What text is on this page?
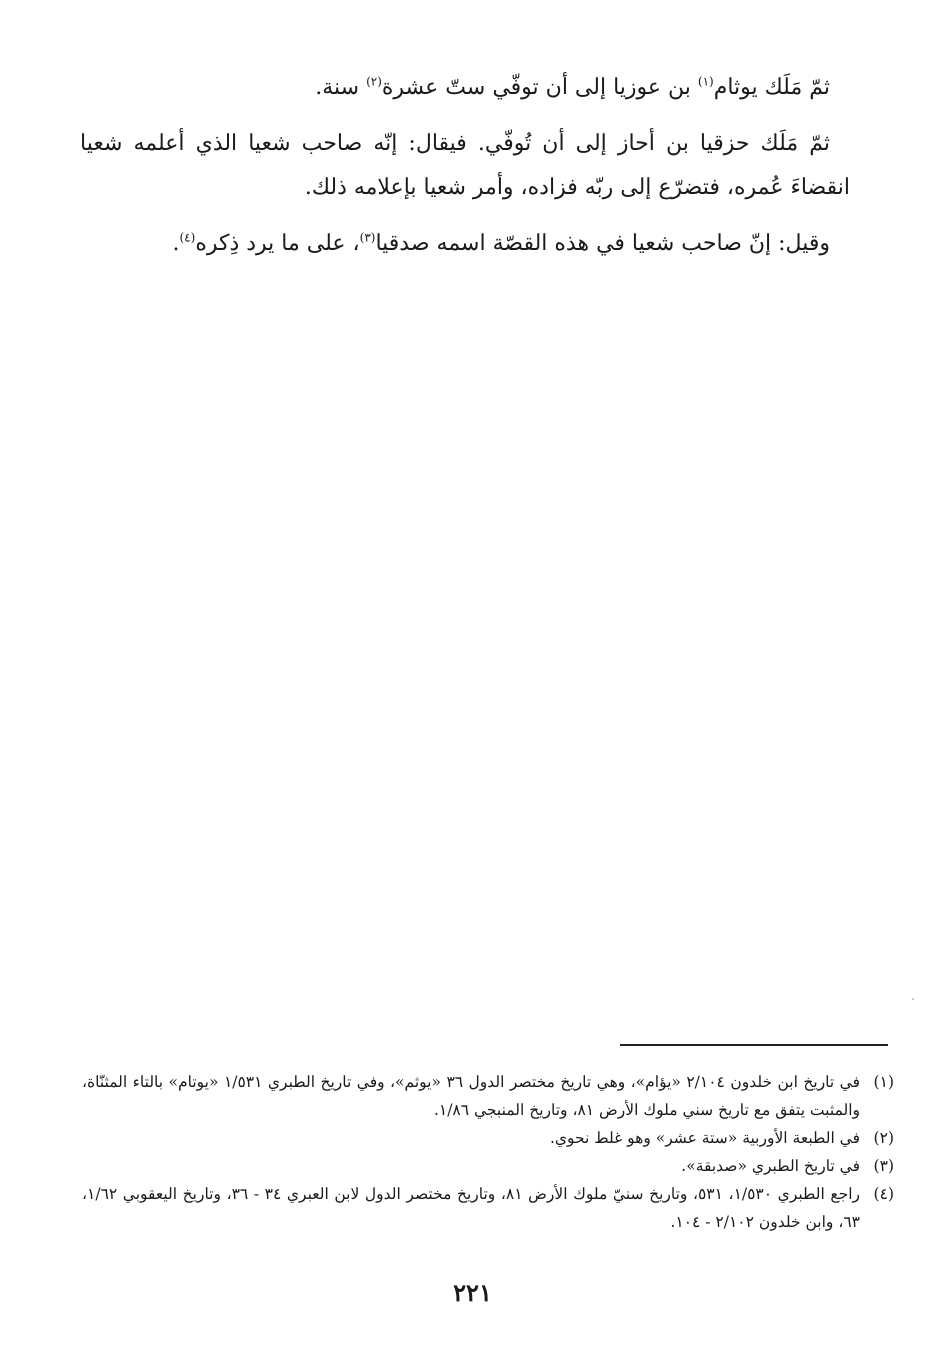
ثمّ مَلَك يوثام$^{(١)}$ بن عوزيا إلى أن توفّي ستّ عشرة$^{(٢)}$ سنة.

ثمّ مَلَك حزقيا بن أحاز إلى أن تُوفّي. فيقال: إنّه صاحب شعيا الذي أعلمه شعيا انقضاءَ عُمره، فتضرّع إلى ربّه فزاده، وأمر شعيا بإعلامه ذلك.

وقيل: إنّ صاحب شعيا في هذه القصّة اسمه صدقيا$^{(٣)}$، على ما يرد ذِكره$^{(٤)}$.

(١)
في تاريخ ابن خلدون ٢/١٠٤ «يؤام»، وهي تاريخ مختصر الدول ٣٦ «يوثم»، وفي تاريخ الطبري ١/٥٣١ «يوتام» بالتاء المثنّاة، والمثبت يتفق مع تاريخ سني ملوك الأرض ٨١، وتاريخ المنبجي ١/٨٦.
(٢)
في الطبعة الأوربية «ستة عشر» وهو غلط نحوي.
(٣)
في تاريخ الطبري «صدبقة».
(٤)
راجع الطبري ١/٥٣٠، ٥٣١، وتاريخ سنيّ ملوك الأرض ٨١، وتاريخ مختصر الدول لابن العبري ٣٤ - ٣٦، وتاريخ اليعقوبي ١/٦٢، ٦٣، وابن خلدون ٢/١٠٢ - ١٠٤.
٢٢١
